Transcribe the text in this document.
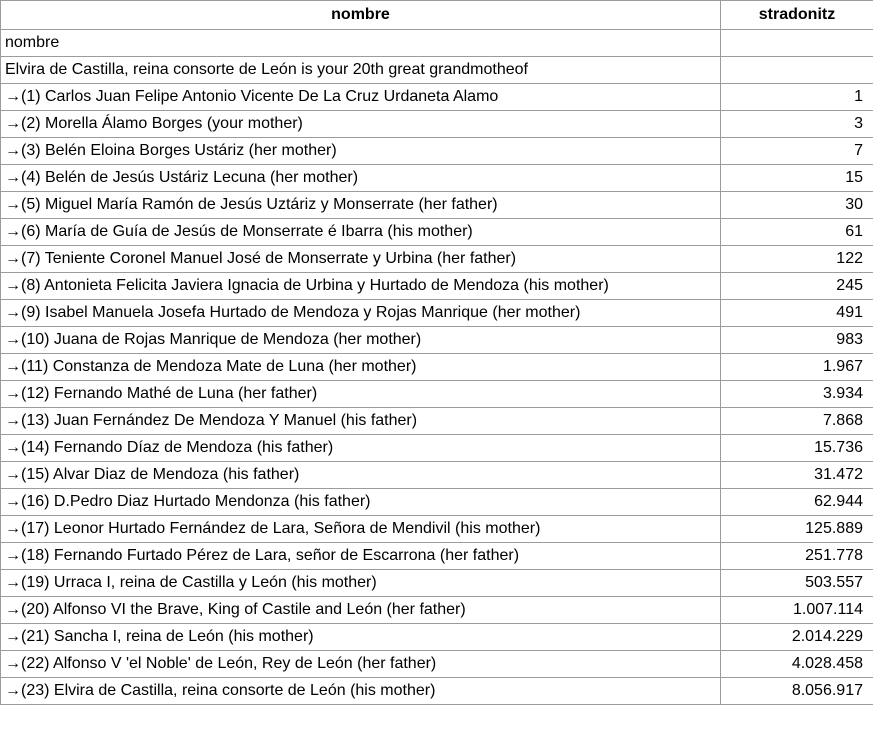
nombre	stradonitz
nombre	
Elvira de Castilla, reina consorte de León is your 20th great grandmotheof	
→(1) Carlos Juan Felipe Antonio Vicente De La Cruz Urdaneta Alamo	1
→(2) Morella Álamo Borges (your mother)	3
→(3) Belén Eloina Borges Ustáriz (her mother)	7
→(4) Belén de Jesús Ustáriz Lecuna (her mother)	15
→(5) Miguel María Ramón de Jesús Uztáriz y Monserrate (her father)	30
→(6) María de Guía de Jesús de Monserrate é Ibarra (his mother)	61
→(7) Teniente Coronel Manuel José de Monserrate y Urbina (her father)	122
→(8) Antonieta Felicita Javiera Ignacia de Urbina y Hurtado de Mendoza (his mother)	245
→(9) Isabel Manuela Josefa Hurtado de Mendoza y Rojas Manrique (her mother)	491
→(10) Juana de Rojas Manrique de Mendoza (her mother)	983
→(11) Constanza de Mendoza Mate de Luna (her mother)	1.967
→(12) Fernando Mathé de Luna (her father)	3.934
→(13) Juan Fernández De Mendoza Y Manuel (his father)	7.868
→(14) Fernando Díaz de Mendoza (his father)	15.736
→(15) Alvar Diaz de Mendoza (his father)	31.472
→(16) D.Pedro Diaz Hurtado Mendonza (his father)	62.944
→(17) Leonor Hurtado Fernández de Lara, Señora de Mendivil (his mother)	125.889
→(18) Fernando Furtado Pérez de Lara, señor de Escarrona (her father)	251.778
→(19) Urraca I, reina de Castilla y León (his mother)	503.557
→(20) Alfonso VI the Brave, King of Castile and León (her father)	1.007.114
→(21) Sancha I, reina de León (his mother)	2.014.229
→(22) Alfonso V 'el Noble' de León, Rey de León (her father)	4.028.458
→(23) Elvira de Castilla, reina consorte de León (his mother)	8.056.917
